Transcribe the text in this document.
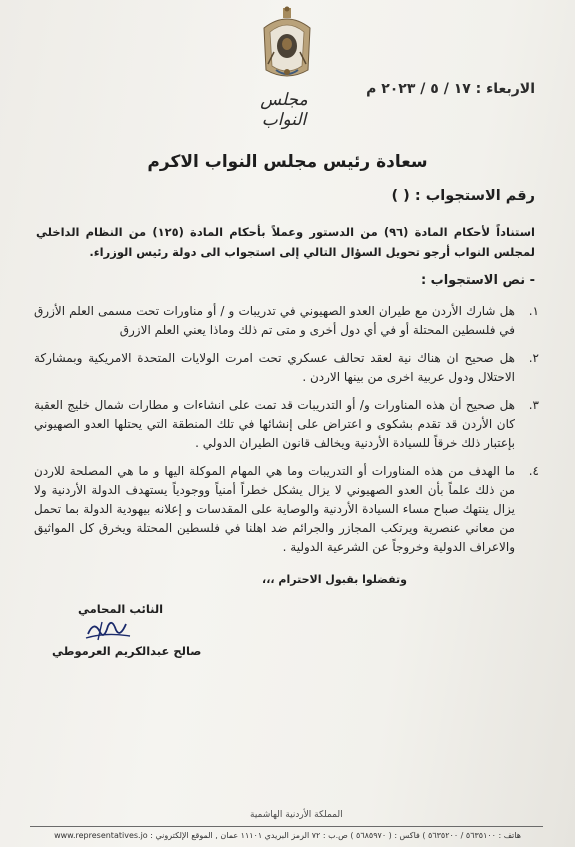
مجلس النواب
الاربعاء : ١٧ / ٥ / ٢٠٢٣ م
سعادة رئيس مجلس النواب الاكرم
رقم الاستجواب : ( )
استناداً لأحكام المادة (٩٦) من الدستور وعملاً بأحكام المادة (١٢٥) من النظام الداخلي لمجلس النواب أرجو تحويل السؤال التالي إلى استجواب الى دولة رئيس الوزراء.
- نص الاستجواب :
١.
هل شارك الأردن مع طيران العدو الصهيوني في تدريبات و / أو مناورات تحت مسمى العلم الأزرق في فلسطين المحتلة أو في أي دول أخرى و متى تم ذلك وماذا يعني العلم الازرق
٢.
هل صحيح ان هناك نية لعقد تحالف عسكري تحت امرت الولايات المتحدة الامريكية وبمشاركة الاحتلال ودول عربية اخرى من بينها الاردن .
٣.
هل صحيح أن هذه المناورات و/ أو التدريبات قد تمت على انشاءات و مطارات شمال خليج العقبة كان الأردن قد تقدم بشكوى و اعتراض على إنشائها في تلك المنطقة التي يحتلها العدو الصهيوني بإعتبار ذلك خرقاً للسيادة الأردنية ويخالف قانون الطيران الدولي .
٤.
ما الهدف من هذه المناورات أو التدريبات وما هي المهام الموكلة اليها و ما هي المصلحة للاردن من ذلك علماً بأن العدو الصهيوني لا يزال يشكل خطراً أمنياً ووجودياً يستهدف الدولة الأردنية ولا يزال ينتهك صباح مساء السيادة الأردنية والوصاية على المقدسات و إعلانه بيهودية الدولة بما تحمل من معاني عنصرية ويرتكب المجازر والجرائم ضد اهلنا في فلسطين المحتلة ويخرق كل المواثيق والاعراف الدولية وخروجاً عن الشرعية الدولية .
وتفضلوا بقبول الاحترام ،،،
النائب المحامي
صالح عبدالكريم العرموطي
المملكة الأردنية الهاشمية
هاتف : ٥٦٣٥١٠٠ / ٥٦٣٥٢٠٠ ) فاكس : ( ٥٦٨٥٩٧٠ ) ص.ب : ٧٢ الرمز البريدي ١١١٠١ عمان , الموقع الإلكتروني : www.representatives.jo
